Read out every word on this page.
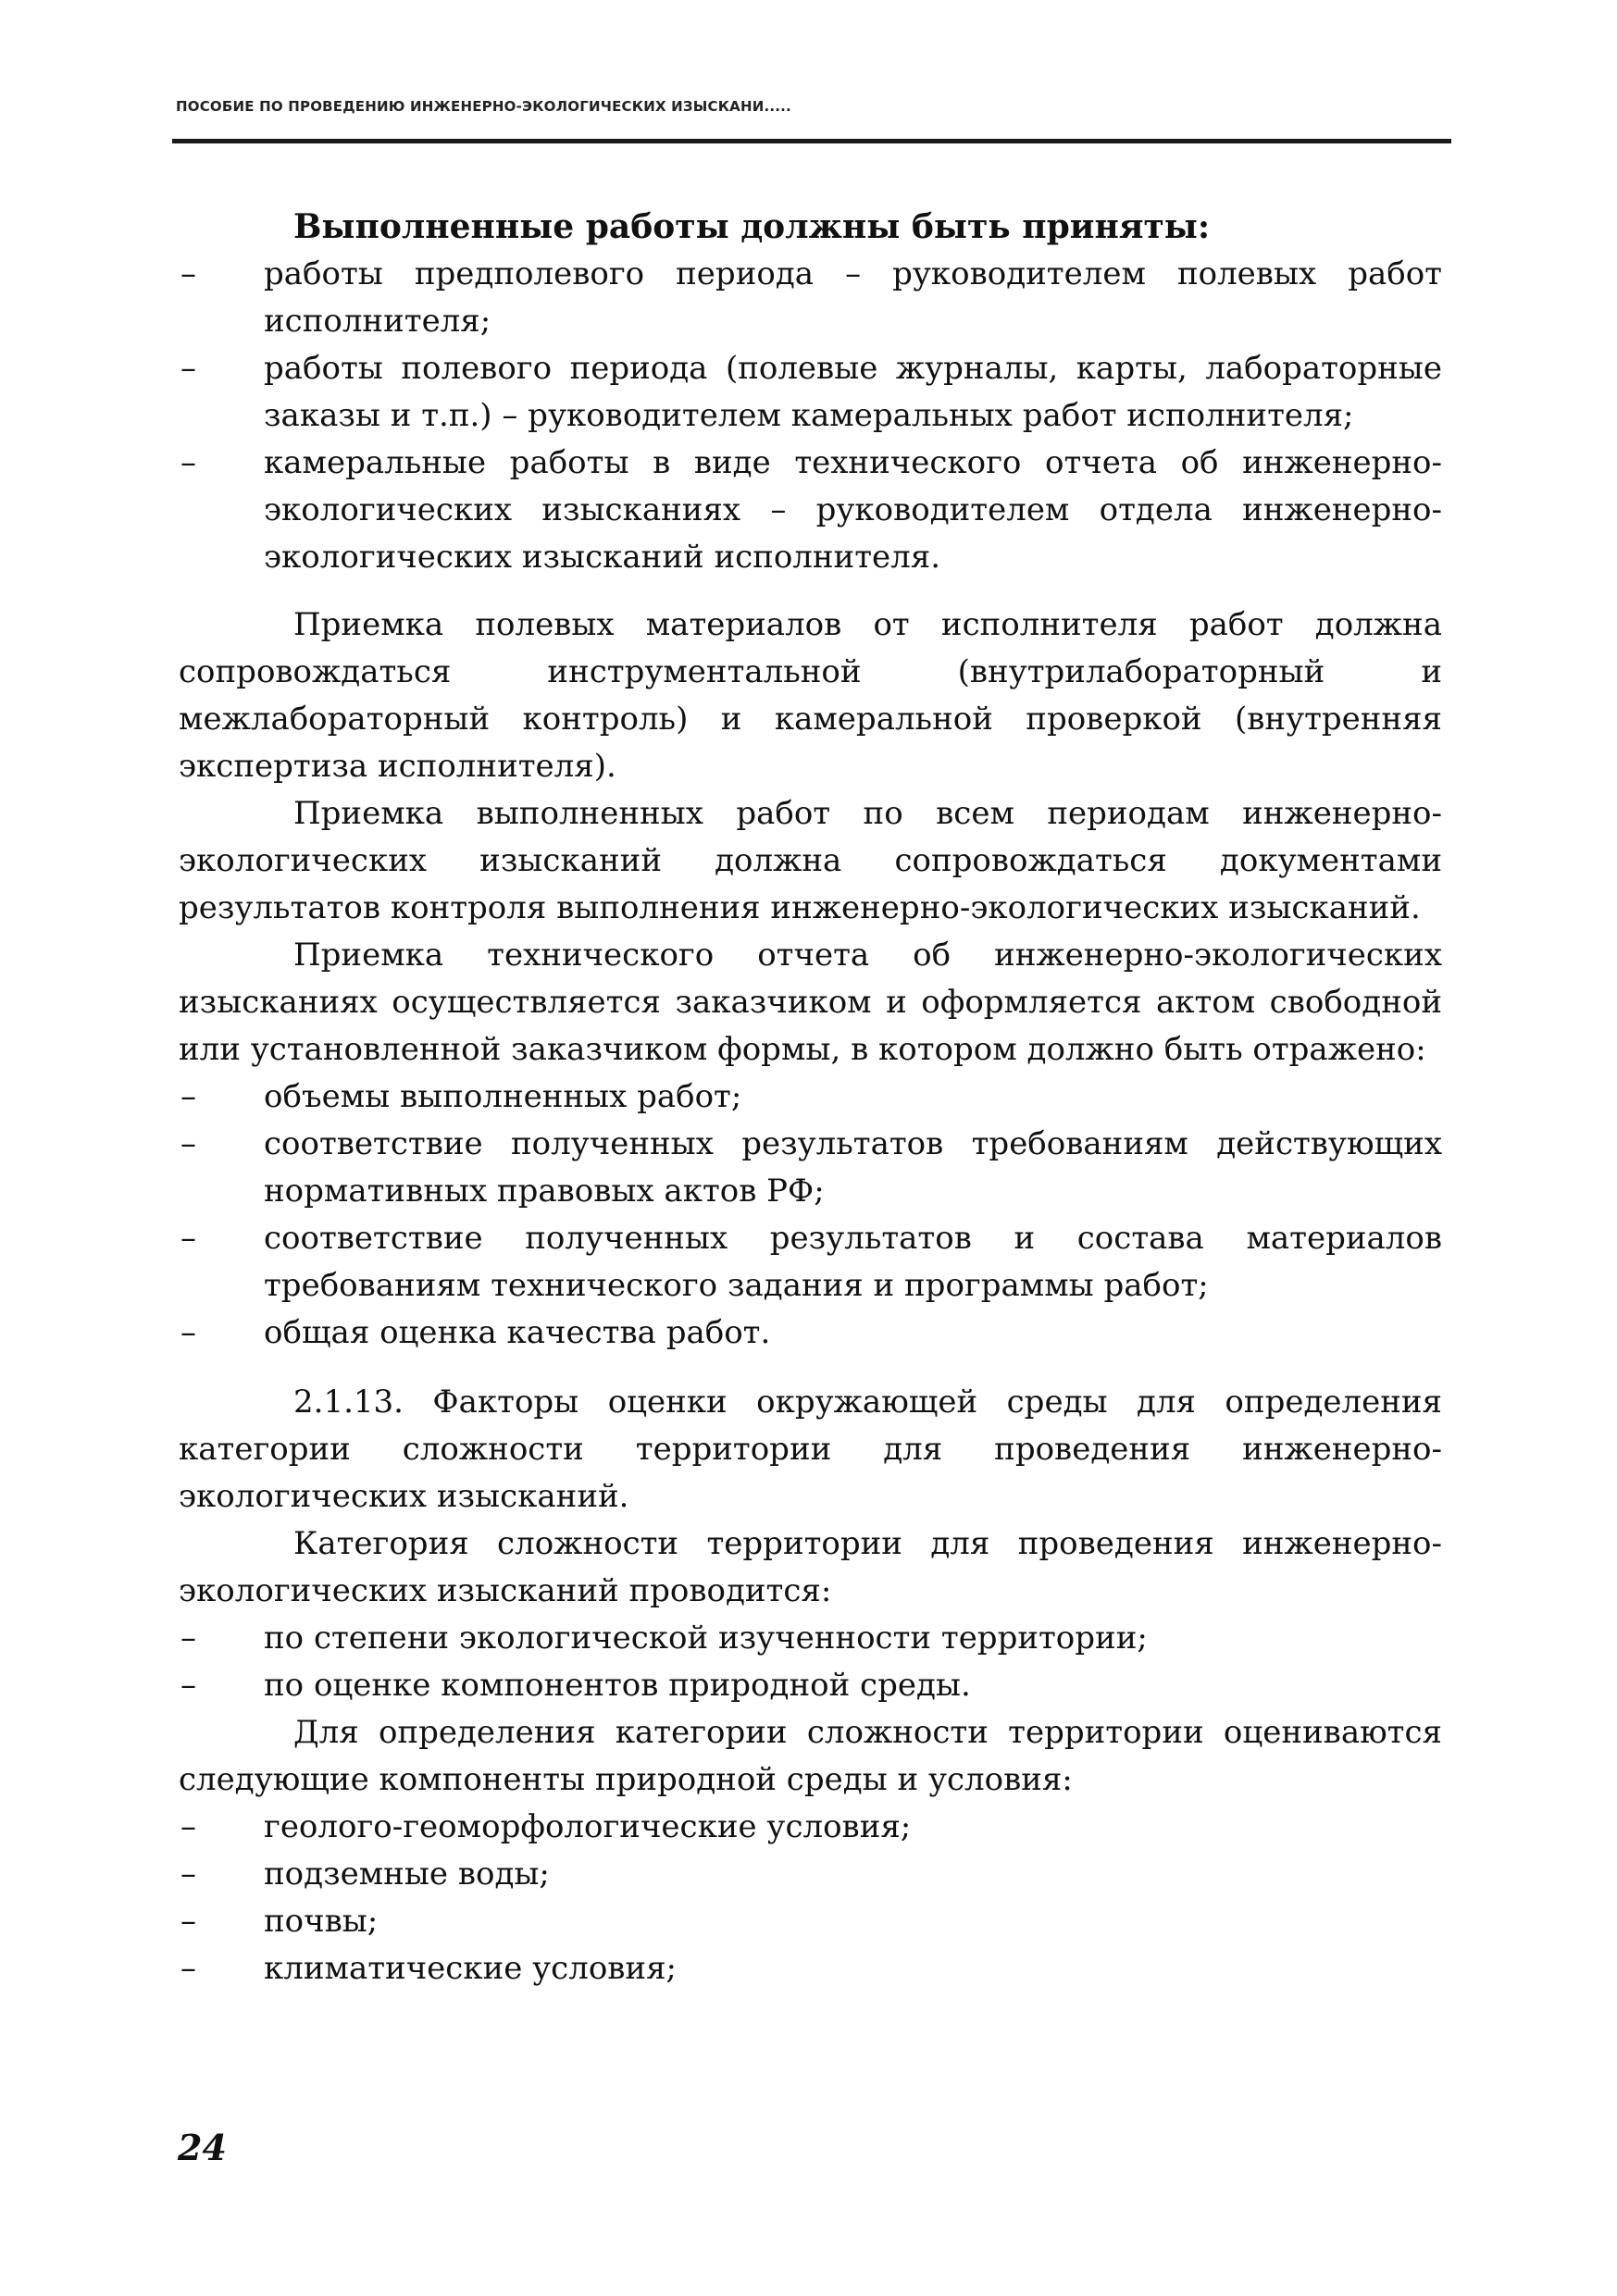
ПОСОБИЕ ПО ПРОВЕДЕНИЮ ИНЖЕНЕРНО-ЭКОЛОГИЧЕСКИХ ИЗЫСКАНИ.....
Выполненные работы должны быть приняты:
–	работы предполевого периода – руководителем полевых работ исполнителя;
–	работы полевого периода (полевые журналы, карты, лабораторные заказы и т.п.) – руководителем камеральных работ исполнителя;
–	камеральные работы в виде технического отчета об инженерно-экологических изысканиях – руководителем отдела инженерно-экологических изысканий исполнителя.

Приемка полевых материалов от исполнителя работ должна сопровождаться инструментальной (внутрилабораторный и межлабораторный контроль) и камеральной проверкой (внутренняя экспертиза исполнителя).

Приемка выполненных работ по всем периодам инженерно-экологических изысканий должна сопровождаться документами результатов контроля выполнения инженерно-экологических изысканий.

Приемка технического отчета об инженерно-экологических изысканиях осуществляется заказчиком и оформляется актом свободной или установленной заказчиком формы, в котором должно быть отражено:

–	объемы выполненных работ;
–	соответствие полученных результатов требованиям действующих нормативных правовых актов РФ;
–	соответствие полученных результатов и состава материалов требованиям технического задания и программы работ;
–	общая оценка качества работ.

2.1.13. Факторы оценки окружающей среды для определения категории сложности территории для проведения инженерно-экологических изысканий.

Категория сложности территории для проведения инженерно-экологических изысканий проводится:

–	по степени экологической изученности территории;
–	по оценке компонентов природной среды.

Для определения категории сложности территории оцениваются следующие компоненты природной среды и условия:

–	геолого-геоморфологические условия;
–	подземные воды;
–	почвы;
–	климатические условия;
24
